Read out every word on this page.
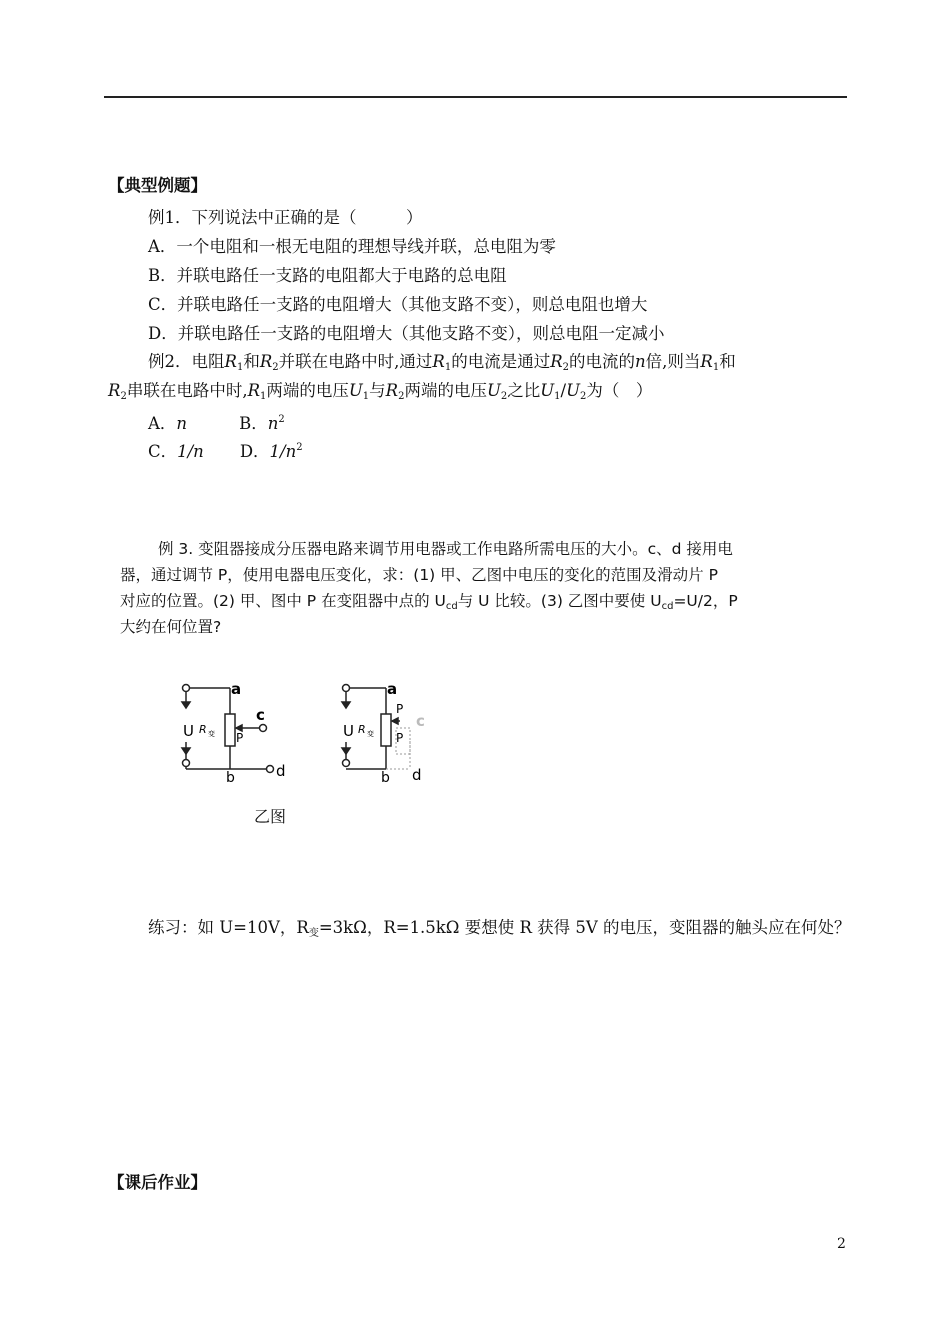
【典型例题】
例1．下列说法中正确的是（　　　）
A．一个电阻和一根无电阻的理想导线并联，总电阻为零
B．并联电路任一支路的电阻都大于电路的总电阻
C．并联电路任一支路的电阻增大（其他支路不变），则总电阻也增大
D．并联电路任一支路的电阻增大（其他支路不变），则总电阻一定减小
例2．电阻$R_1$和$R_2$并联在电路中时,通过$R_1$的电流是通过$R_2$的电流的n倍,则当$R_1$和
$R_2$串联在电路中时$,R_1$两端的电压$U_1$与$R_2$两端的电压$U_2$之比$U_1/U_2$为（　）
A．n	B．$n^2$
C．1/n D．$1/n^2$
例 3. 变阻器接成分压器电路来调节用电器或工作电路所需电压的大小。c、d 接用电
器，通过调节 P，使用电器电压变化，求：(1) 甲、乙图中电压的变化的范围及滑动片 P
对应的位置。(2) 甲、图中 P 在变阻器中点的 $U_{cd}$与 U 比较。(3) 乙图中要使 $U_{cd}=U/2$，P
大约在何位置?
U
a
c
P
R 变
b	d
U
a
P
P
c
R 变
b d
乙图
练习：如 U=10V，$R_变=3k\Omega$，R=1.5kΩ 要想使 R 获得 5V 的电压，变阻器的触头应在何处？
【课后作业】
2
